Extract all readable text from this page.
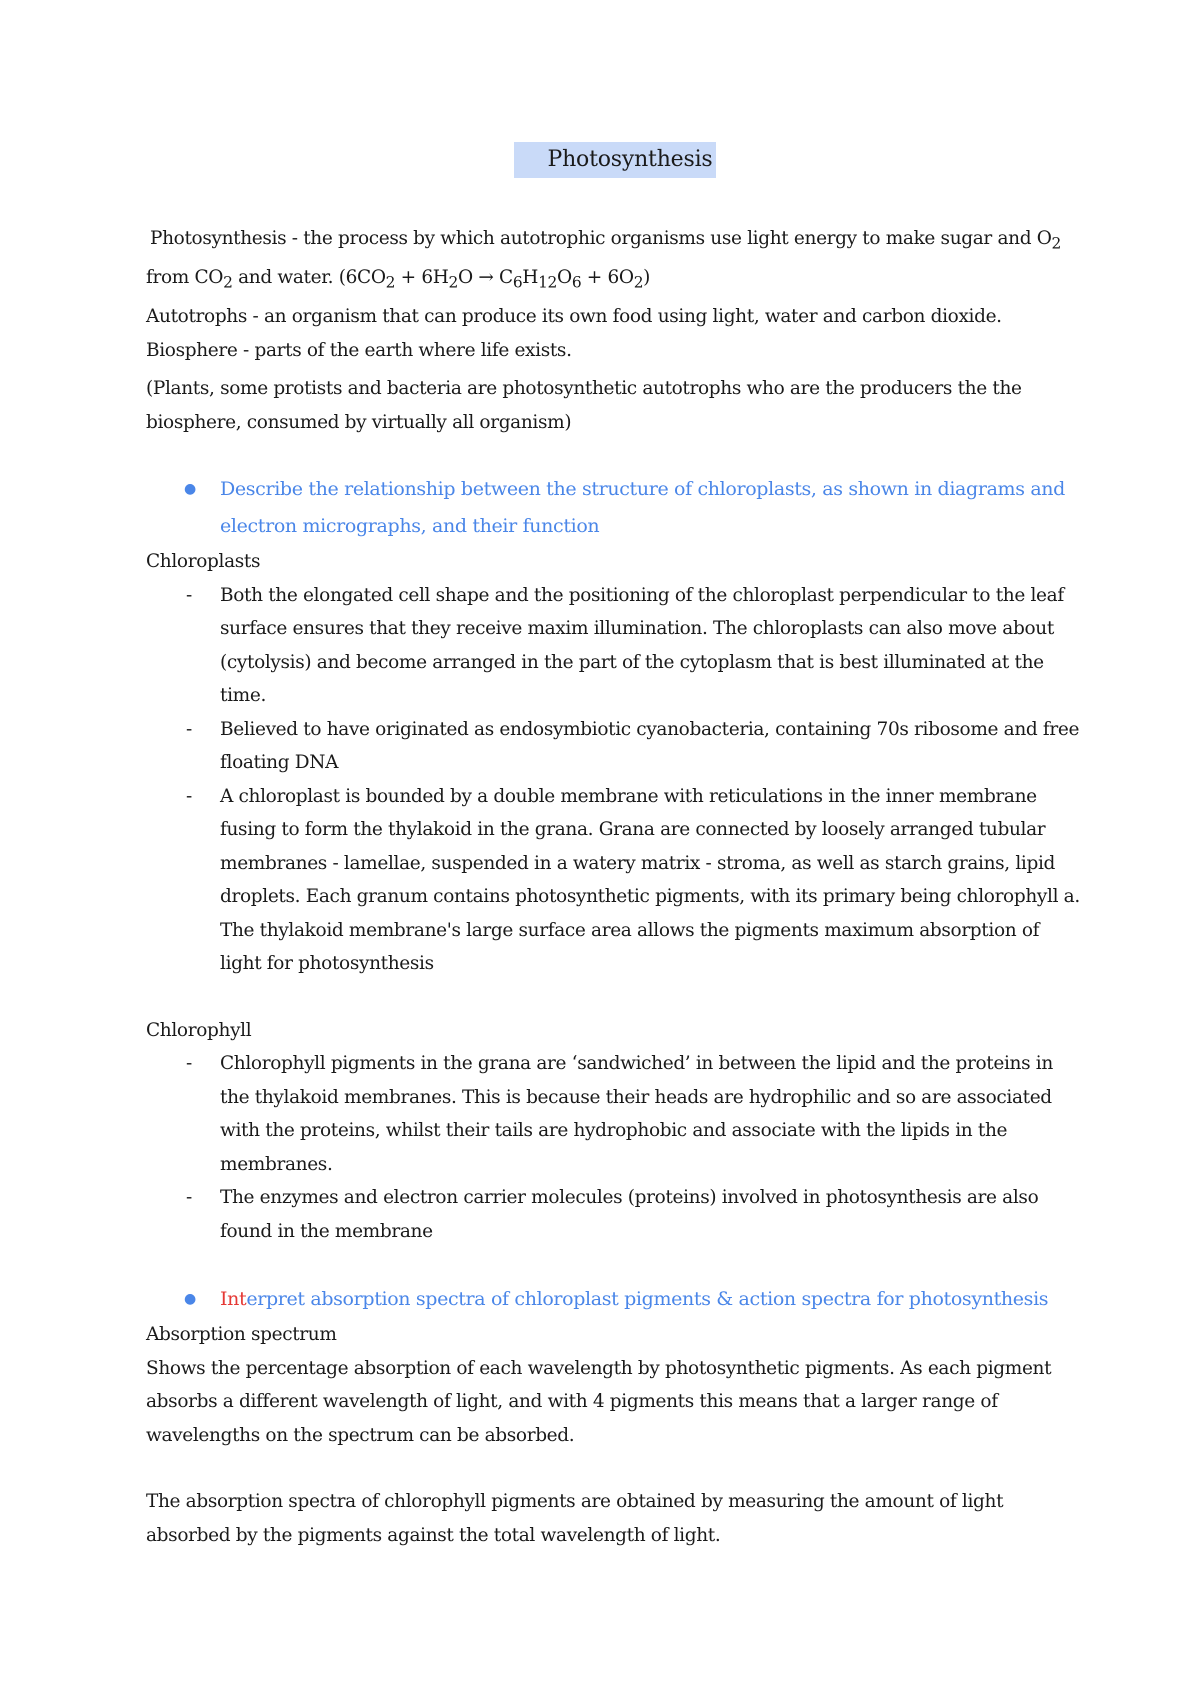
Photosynthesis

Photosynthesis - the process by which autotrophic organisms use light energy to make sugar and $O_2$

from $CO_2$ and water. $(6CO_2 + 6H_2O \to C_6H_{12}O_6 + 6O_2)$

Autotrophs - an organism that can produce its own food using light, water and carbon dioxide.

Biosphere - parts of the earth where life exists.

(Plants, some protists and bacteria are photosynthetic autotrophs who are the producers the the biosphere, consumed by virtually all organism)

● Describe the relationship between the structure of chloroplasts, as shown in diagrams and electron micrographs, and their function

Chloroplasts

- Both the elongated cell shape and the positioning of the chloroplast perpendicular to the leaf surface ensures that they receive maxim illumination. The chloroplasts can also move about (cytolysis) and become arranged in the part of the cytoplasm that is best illuminated at the time.
- Believed to have originated as endosymbiotic cyanobacteria, containing 70s ribosome and free floating DNA
- A chloroplast is bounded by a double membrane with reticulations in the inner membrane fusing to form the thylakoid in the grana. Grana are connected by loosely arranged tubular membranes - lamellae, suspended in a watery matrix - stroma, as well as starch grains, lipid droplets. Each granum contains photosynthetic pigments, with its primary being chlorophyll a. The thylakoid membrane's large surface area allows the pigments maximum absorption of light for photosynthesis

Chlorophyll

- Chlorophyll pigments in the grana are ‘sandwiched’ in between the lipid and the proteins in the thylakoid membranes. This is because their heads are hydrophilic and so are associated with the proteins, whilst their tails are hydrophobic and associate with the lipids in the membranes.
- The enzymes and electron carrier molecules (proteins) involved in photosynthesis are also found in the membrane
● Interpret absorption spectra of chloroplast pigments & action spectra for photosynthesis

Absorption spectrum

Shows the percentage absorption of each wavelength by photosynthetic pigments. As each pigment absorbs a different wavelength of light, and with 4 pigments this means that a larger range of wavelengths on the spectrum can be absorbed.

The absorption spectra of chlorophyll pigments are obtained by measuring the amount of light absorbed by the pigments against the total wavelength of light.
